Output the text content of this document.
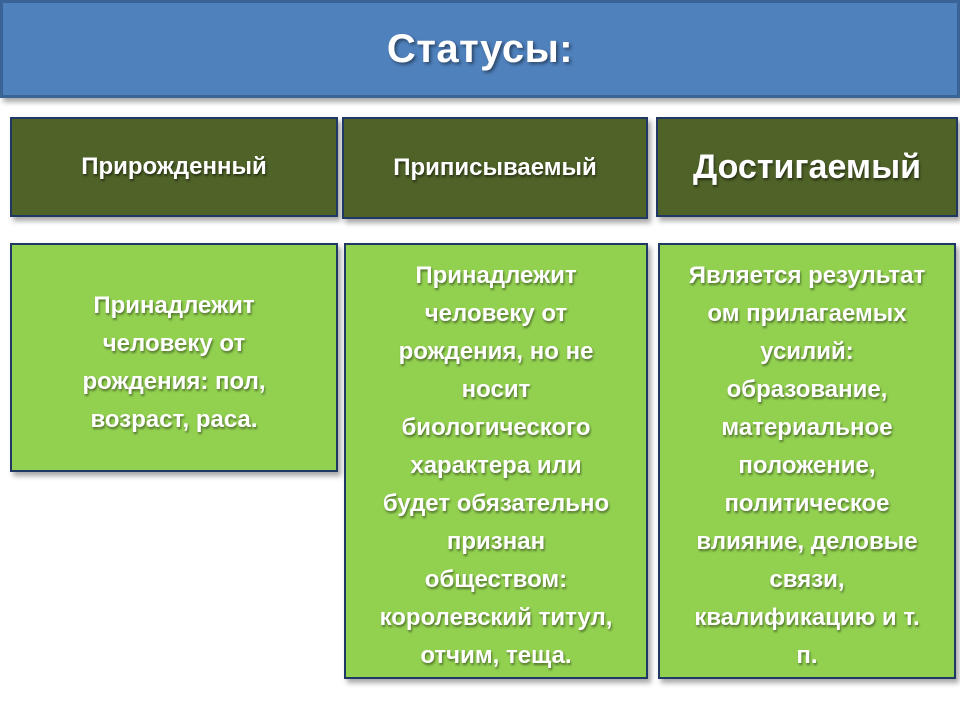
Статусы:
Прирожденный
Принадлежит
человеку от
рождения: пол,
возраст, раса.
Приписываемый
Принадлежит
человеку от
рождения, но не
носит
биологического
характера или
будет обязательно
признан
обществом:
королевский титул,
отчим, теща.
Достигаемый
Является результат
ом прилагаемых
усилий:
образование,
материальное
положение,
политическое
влияние, деловые
связи,
квалификацию и т.
п.
